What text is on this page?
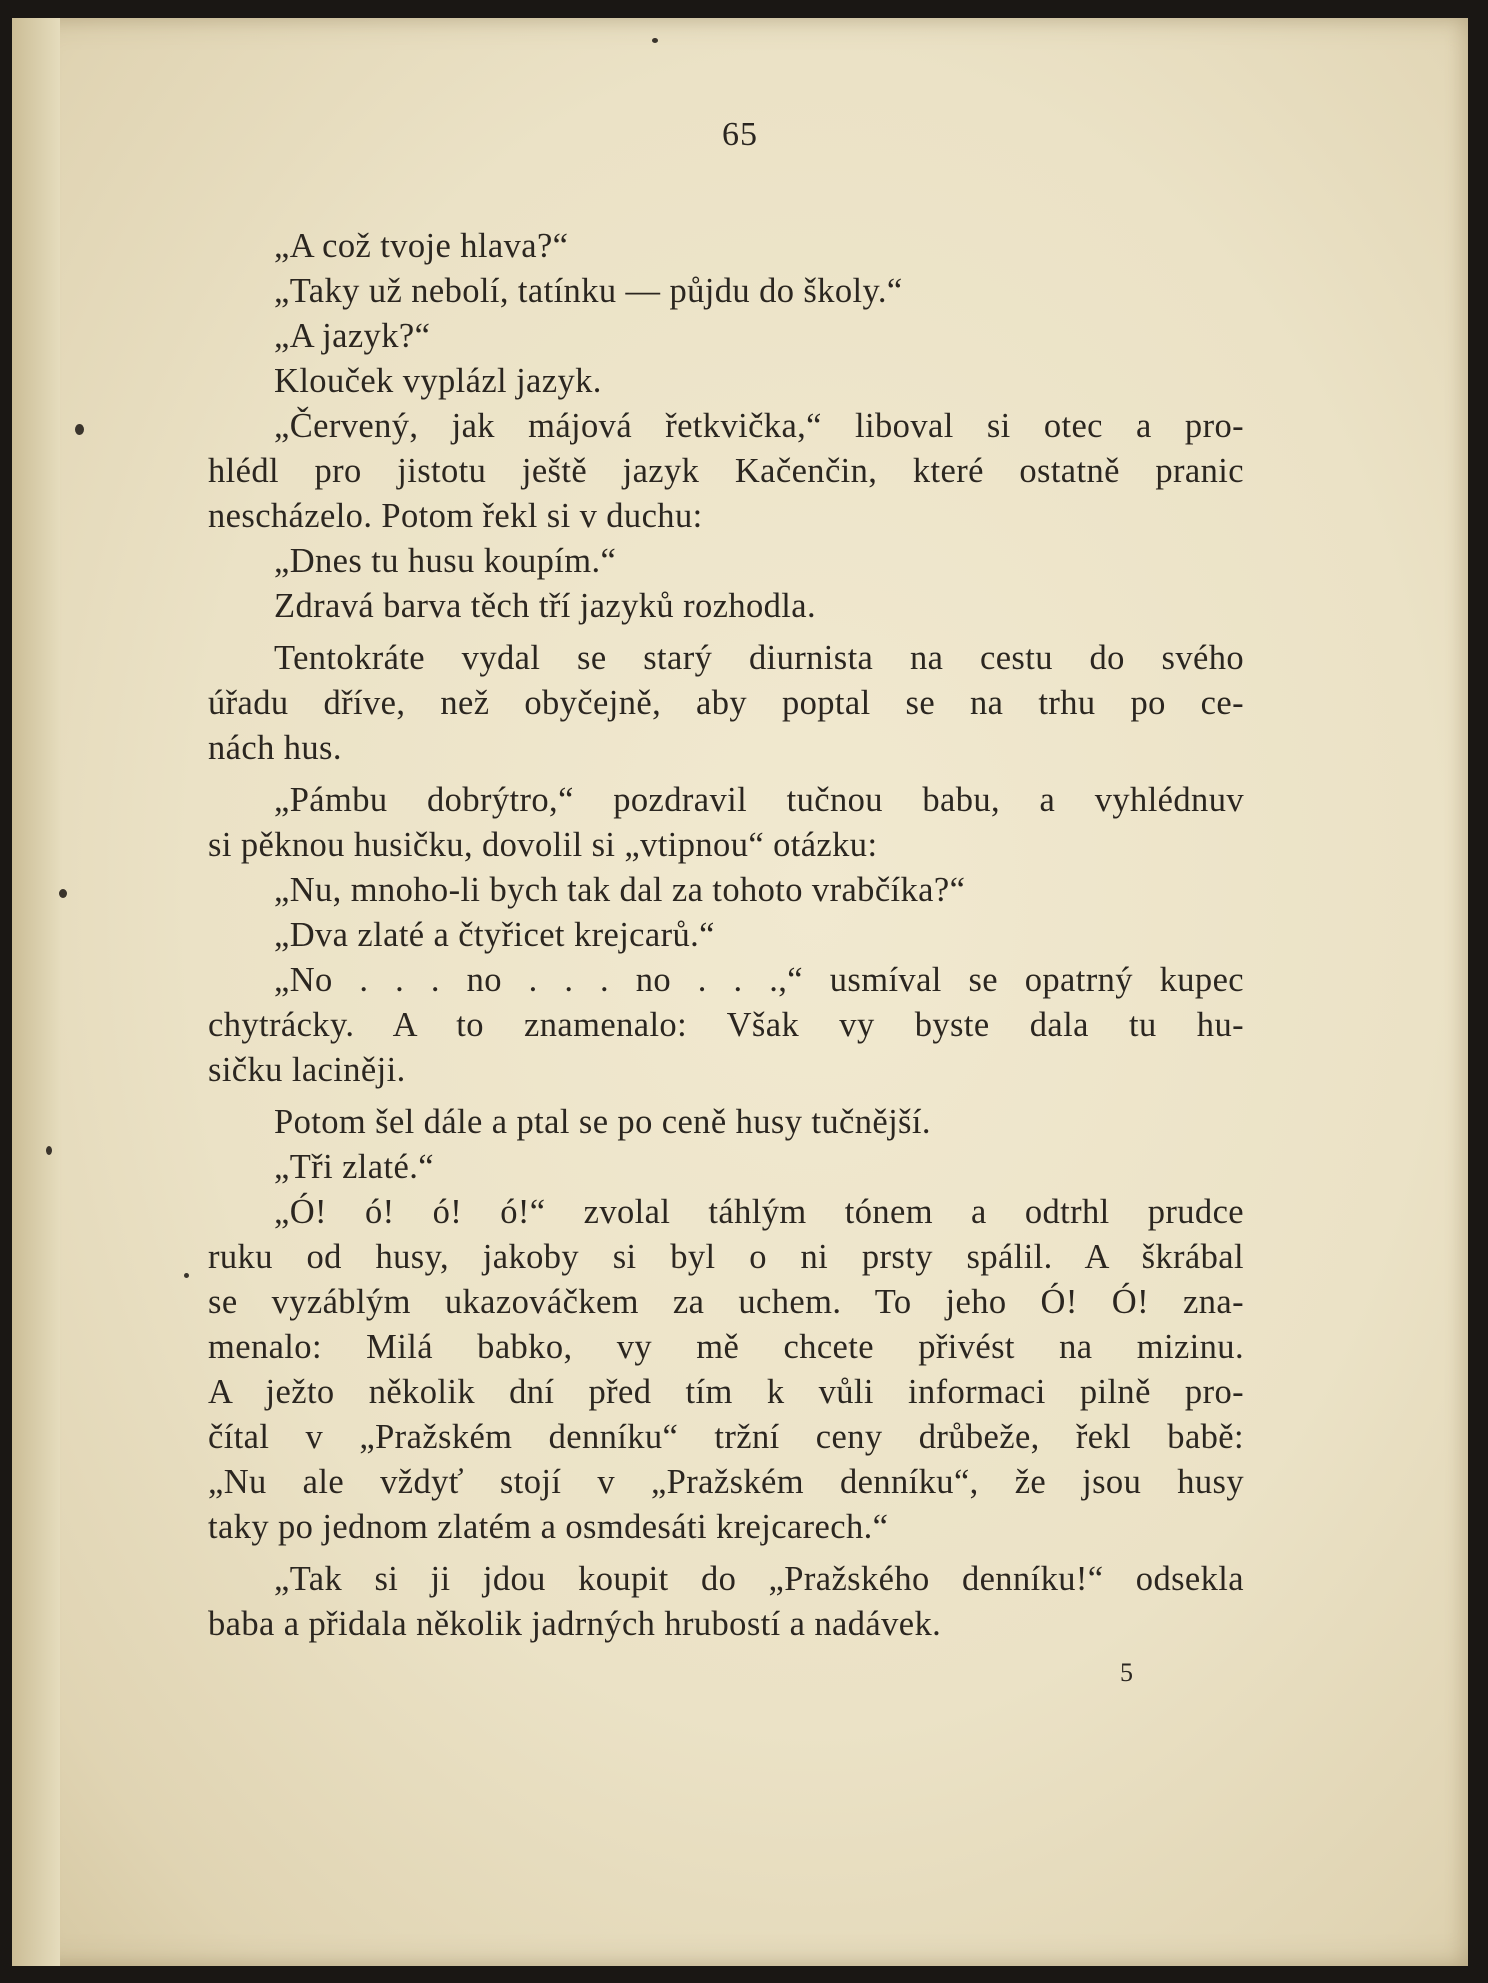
65
„A což tvoje hlava?“
„Taky už nebolí, tatínku — půjdu do školy.“
„A jazyk?“
Klouček vyplázl jazyk.
„Červený, jak májová řetkvička,“ liboval si otec a pro-
hlédl pro jistotu ještě jazyk Kačenčin, které ostatně pranic
nescházelo. Potom řekl si v duchu:
„Dnes tu husu koupím.“
Zdravá barva těch tří jazyků rozhodla.
Tentokráte vydal se starý diurnista na cestu do svého
úřadu dříve, než obyčejně, aby poptal se na trhu po ce-
nách hus.
„Pámbu dobrýtro,“ pozdravil tučnou babu, a vyhlédnuv
si pěknou husičku, dovolil si „vtipnou“ otázku:
„Nu, mnoho-li bych tak dal za tohoto vrabčíka?“
„Dva zlaté a čtyřicet krejcarů.“
„No . . . no . . . no . . .,“ usmíval se opatrný kupec
chytrácky. A to znamenalo: Však vy byste dala tu hu-
sičku laciněji.
Potom šel dále a ptal se po ceně husy tučnější.
„Tři zlaté.“
„Ó! ó! ó! ó!“ zvolal táhlým tónem a odtrhl prudce
ruku od husy, jakoby si byl o ni prsty spálil. A škrábal
se vyzáblým ukazováčkem za uchem. To jeho Ó! Ó! zna-
menalo: Milá babko, vy mě chcete přivést na mizinu.
A ježto několik dní před tím k vůli informaci pilně pro-
čítal v „Pražském denníku“ tržní ceny drůbeže, řekl babě:
„Nu ale vždyť stojí v „Pražském denníku“, že jsou husy
taky po jednom zlatém a osmdesáti krejcarech.“
„Tak si ji jdou koupit do „Pražského denníku!“ odsekla
baba a přidala několik jadrných hrubostí a nadávek.
5
